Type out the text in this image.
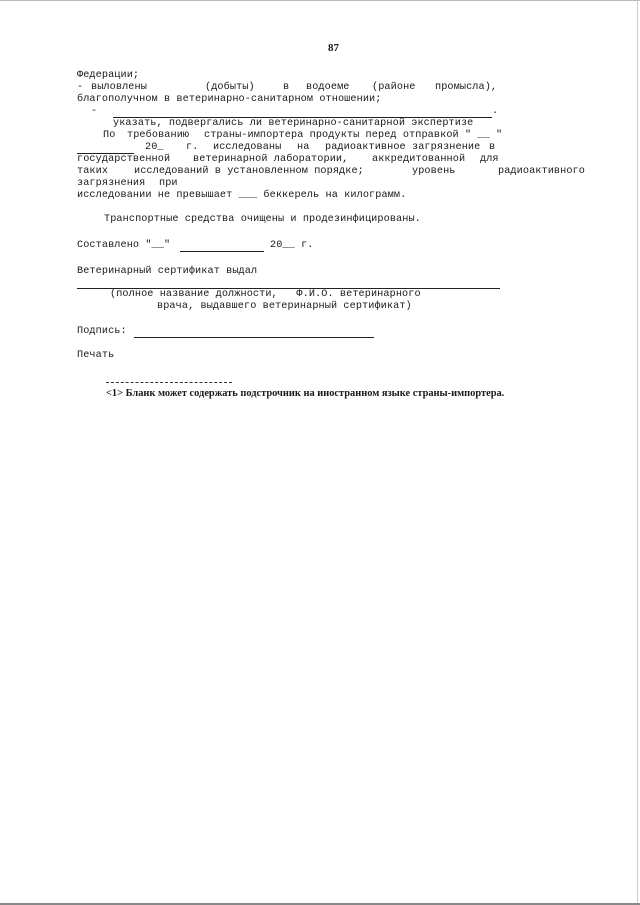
87
Федерации;
- выловлены	(добыты)	в водоеме (районе промысла),
благополучном в ветеринарно-санитарном отношении;
-	.
указать, подвергались ли ветеринарно-санитарной экспертизе
По требованию страны-импортера продукты перед отправкой " __ "
20_ г. исследованы на радиоактивное загрязнение в
государственной ветеринарной лаборатории, аккредитованной для
таких	исследований в установленном порядке;	уровень	радиоактивного
загрязнения при
исследовании не превышает ___ беккерель на килограмм.
Транспортные средства очищены и продезинфицированы.
Составлено "__"	20__ г.
Ветеринарный сертификат выдал
(полное название должности,   Ф.И.О. ветеринарного
врача, выдавшего ветеринарный сертификат)
Подпись:
Печать
<1> Бланк может содержать подстрочник на иностранном языке страны-импортера.
